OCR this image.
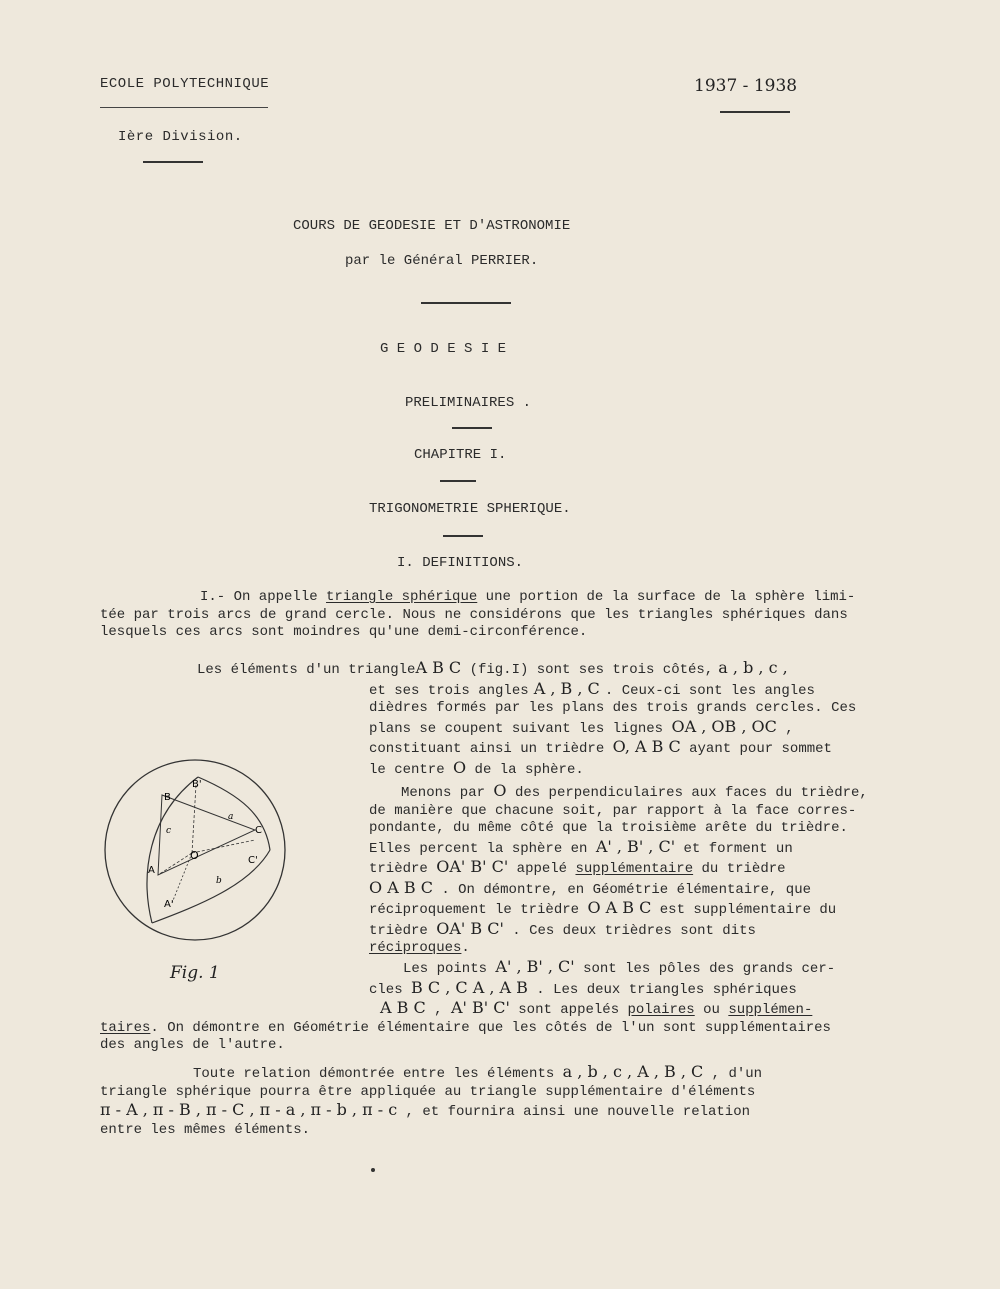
ECOLE POLYTECHNIQUE
Ière Division.
1937 - 1938
COURS DE GEODESIE ET D'ASTRONOMIE
par le Général PERRIER.
G E O D E S I E
PRELIMINAIRES .
CHAPITRE I.
TRIGONOMETRIE SPHERIQUE.
I. DEFINITIONS.
I.- On appelle triangle sphérique une portion de la surface de la sphère limi-
tée par trois arcs de grand cercle. Nous ne considérons que les triangles sphériques dans
lesquels ces arcs sont moindres qu'une demi-circonférence.
Les éléments d'un triangleA B C (fig.I) sont ses trois côtés, a , b , c ,
et ses trois angles A , B , C . Ceux-ci sont les angles
dièdres formés par les plans des trois grands cercles. Ces
plans se coupent suivant les lignes OA , OB , OC ,
constituant ainsi un trièdre O, A B C ayant pour sommet
le centre O de la sphère.
Menons par O des perpendiculaires aux faces du trièdre,
de manière que chacune soit, par rapport à la face corres-
pondante, du même côté que la troisième arête du trièdre.
Elles percent la sphère en A' , B' , C' et forment un
trièdre OA' B' C' appelé supplémentaire du trièdre
O A B C . On démontre, en Géométrie élémentaire, que
réciproquement le trièdre O A B C est supplémentaire du
trièdre OA' B C' . Ces deux trièdres sont dits
réciproques.
B
B'
C
C'
A
A'
O
a
b
c
Fig. 1	Les points A' , B' , C' sont les pôles des grands cer-
cles B C , C A , A B . Les deux triangles sphériques
A B C , A' B' C' sont appelés polaires ou supplémen-
taires. On démontre en Géométrie élémentaire que les côtés de l'un sont supplémentaires
des angles de l'autre.
Toute relation démontrée entre les éléments a , b , c , A , B , C , d'un
triangle sphérique pourra être appliquée au triangle supplémentaire d'éléments
π - A , π - B , π - C , π - a , π - b , π - c , et fournira ainsi une nouvelle relation
entre les mêmes éléments.
